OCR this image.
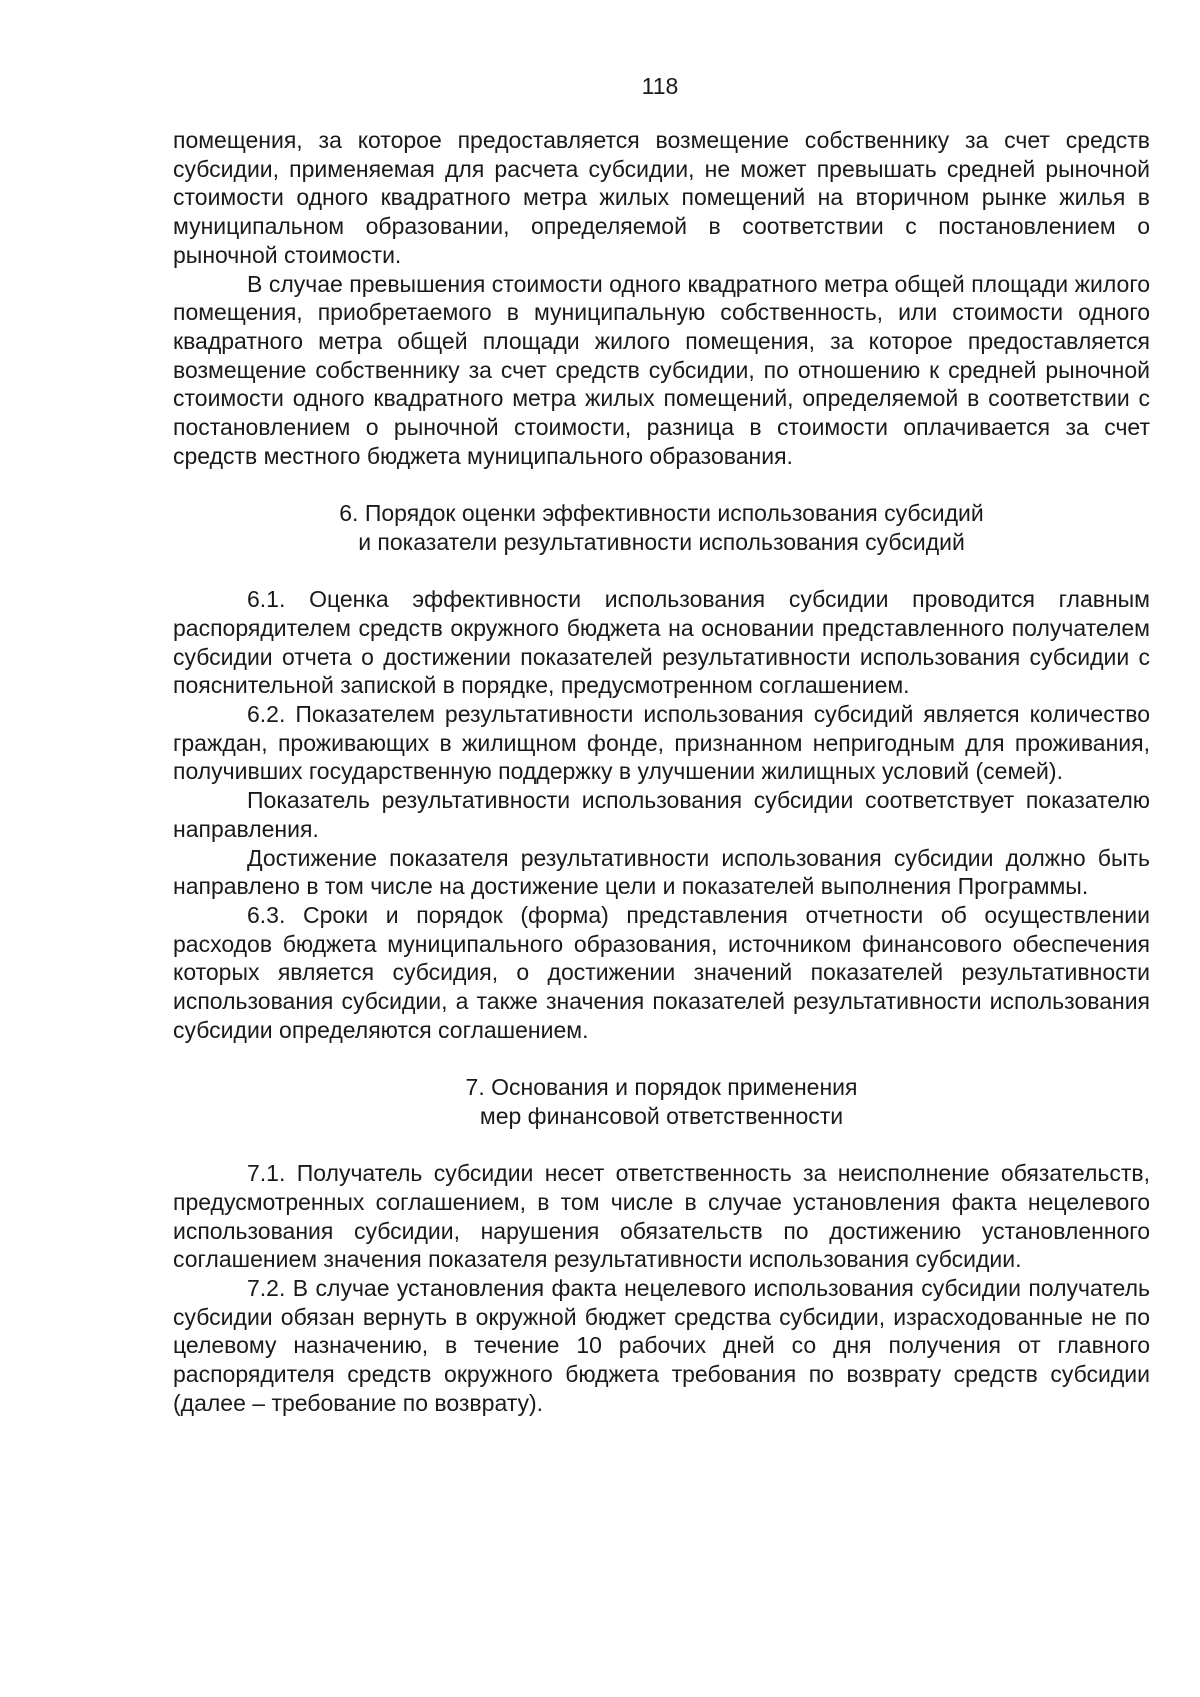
118

помещения, за которое предоставляется возмещение собственнику за счет средств субсидии, применяемая для расчета субсидии, не может превышать средней рыночной стоимости одного квадратного метра жилых помещений на вторичном рынке жилья в муниципальном образовании, определяемой в соответствии с постановлением о рыночной стоимости.

В случае превышения стоимости одного квадратного метра общей площади жилого помещения, приобретаемого в муниципальную собственность, или стоимости одного квадратного метра общей площади жилого помещения, за которое предоставляется возмещение собственнику за счет средств субсидии, по отношению к средней рыночной стоимости одного квадратного метра жилых помещений, определяемой в соответствии с постановлением о рыночной стоимости, разница в стоимости оплачивается за счет средств местного бюджета муниципального образования.

6. Порядок оценки эффективности использования субсидий
и показатели результативности использования субсидий

6.1. Оценка эффективности использования субсидии проводится главным распорядителем средств окружного бюджета на основании представленного получателем субсидии отчета о достижении показателей результативности использования субсидии с пояснительной запиской в порядке, предусмотренном соглашением.

6.2. Показателем результативности использования субсидий является количество граждан, проживающих в жилищном фонде, признанном непригодным для проживания, получивших государственную поддержку в улучшении жилищных условий (семей).

Показатель результативности использования субсидии соответствует показателю направления.

Достижение показателя результативности использования субсидии должно быть направлено в том числе на достижение цели и показателей выполнения Программы.

6.3. Сроки и порядок (форма) представления отчетности об осуществлении расходов бюджета муниципального образования, источником финансового обеспечения которых является субсидия, о достижении значений показателей результативности использования субсидии, а также значения показателей результативности использования субсидии определяются соглашением.

7. Основания и порядок применения
мер финансовой ответственности

7.1. Получатель субсидии несет ответственность за неисполнение обязательств, предусмотренных соглашением, в том числе в случае установления факта нецелевого использования субсидии, нарушения обязательств по достижению установленного соглашением значения показателя результативности использования субсидии.

7.2. В случае установления факта нецелевого использования субсидии получатель субсидии обязан вернуть в окружной бюджет средства субсидии, израсходованные не по целевому назначению, в течение 10 рабочих дней со дня получения от главного распорядителя средств окружного бюджета требования по возврату средств субсидии (далее – требование по возврату).
